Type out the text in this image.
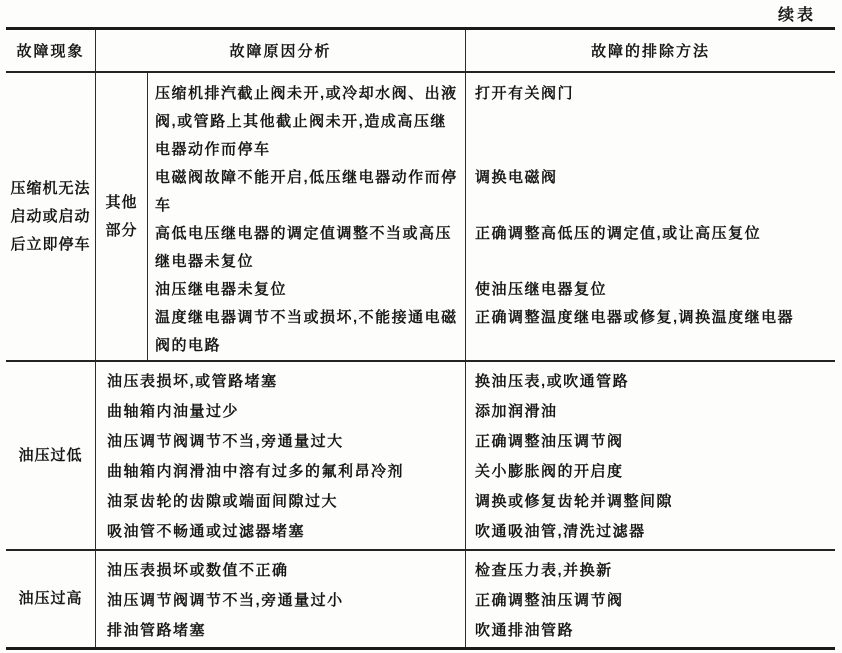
续表
故障现象	故障原因分析	故障的排除方法
压缩机无法启动或启动后立即停车
其他部分
压缩机排汽截止阀未开,或冷却水阀、出液阀,或管路上其他截止阀未开,造成高压继电器动作而停车
电磁阀故障不能开启,低压继电器动作而停车
高低电压继电器的调定值调整不当或高压继电器未复位
油压继电器未复位
温度继电器调节不当或损坏,不能接通电磁阀的电路
打开有关阀门
调换电磁阀
正确调整高低压的调定值,或让高压复位
使油压继电器复位
正确调整温度继电器或修复,调换温度继电器
油压过低
油压表损坏,或管路堵塞
曲轴箱内油量过少
油压调节阀调节不当,旁通量过大
曲轴箱内润滑油中溶有过多的氟利昂冷剂
油泵齿轮的齿隙或端面间隙过大
吸油管不畅通或过滤器堵塞
换油压表,或吹通管路
添加润滑油
正确调整油压调节阀
关小膨胀阀的开启度
调换或修复齿轮并调整间隙
吹通吸油管,清洗过滤器
油压过高
油压表损坏或数值不正确
油压调节阀调节不当,旁通量过小
排油管路堵塞
检查压力表,并换新
正确调整油压调节阀
吹通排油管路
